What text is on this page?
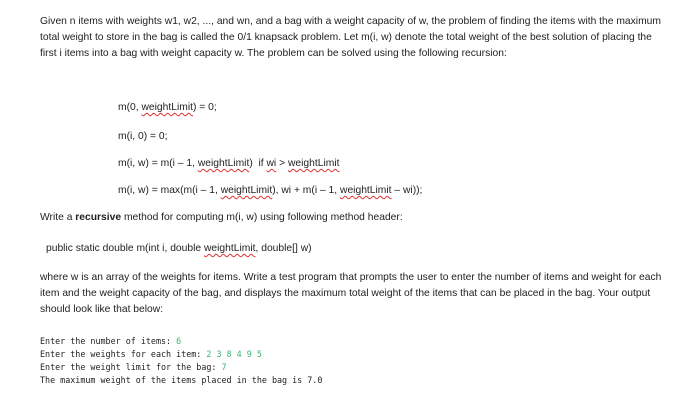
Given n items with weights w1, w2, ..., and wn, and a bag with a weight capacity of w, the problem of finding the items with the maximum total weight to store in the bag is called the 0/1 knapsack problem. Let m(i, w) denote the total weight of the best solution of placing the first i items into a bag with weight capacity w. The problem can be solved using the following recursion:
m(0, weightLimit) = 0;
m(i, 0) = 0;
m(i, w) = m(i – 1, weightLimit)  if wi > weightLimit
m(i, w) = max(m(i – 1, weightLimit), wi + m(i – 1, weightLimit – wi));
Write a recursive method for computing m(i, w) using following method header:
public static double m(int i, double weightLimit, double[] w)
where w is an array of the weights for items. Write a test program that prompts the user to enter the number of items and weight for each item and the weight capacity of the bag, and displays the maximum total weight of the items that can be placed in the bag. Your output should look like that below:
Enter the number of items: 6
Enter the weights for each item: 2 3 8 4 9 5
Enter the weight limit for the bag: 7
The maximum weight of the items placed in the bag is 7.0
